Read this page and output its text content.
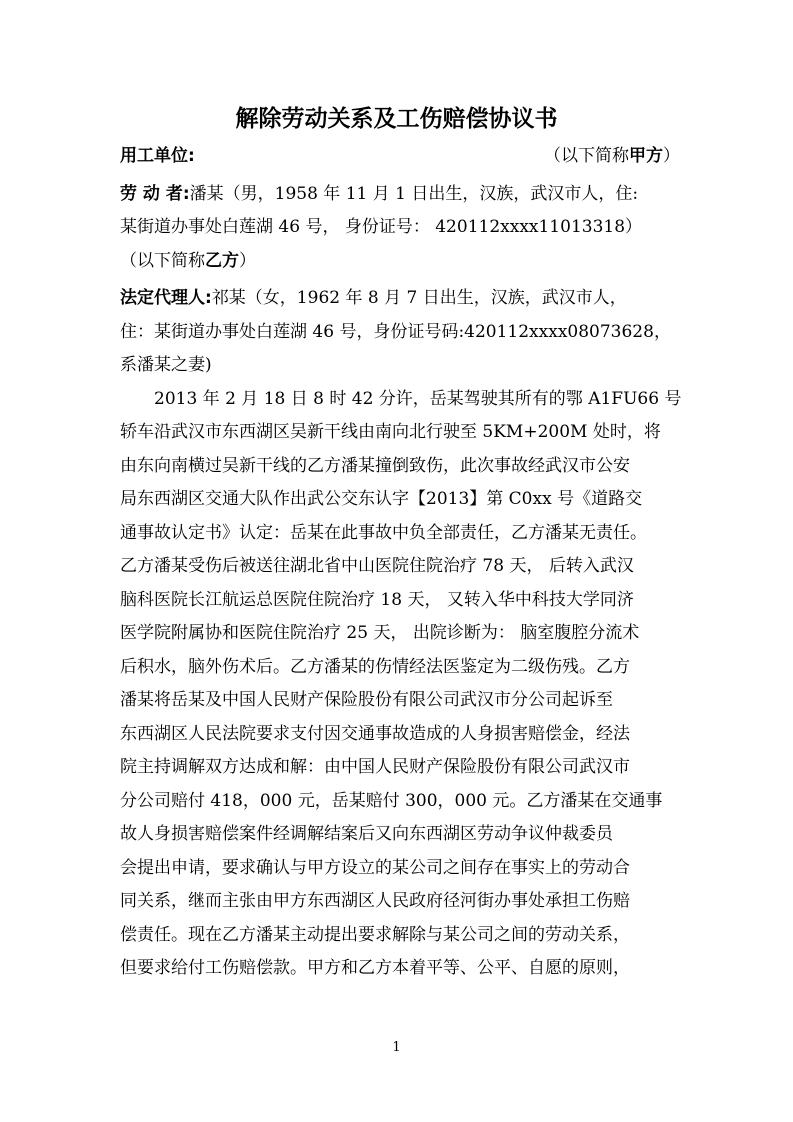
解除劳动关系及工伤赔偿协议书
用工单位:	（以下简称甲方）
劳 动 者:潘某（男，1958 年 11 月 1 日出生，汉族，武汉市人，住:
某街道办事处白莲湖 46 号， 身份证号： 420112xxxx11013318）
（以下简称乙方）
法定代理人:祁某（女，1962 年 8 月 7 日出生，汉族，武汉市人，
住：某街道办事处白莲湖 46 号，身份证号码:420112xxxx08073628，
系潘某之妻)
2013 年 2 月 18 日 8 时 42 分许，岳某驾驶其所有的鄂 A1FU66 号
轿车沿武汉市东西湖区吴新干线由南向北行驶至 5KM+200M 处时，将
由东向南横过吴新干线的乙方潘某撞倒致伤，此次事故经武汉市公安
局东西湖区交通大队作出武公交东认字【2013】第 C0xx 号《道路交
通事故认定书》认定：岳某在此事故中负全部责任，乙方潘某无责任。
乙方潘某受伤后被送往湖北省中山医院住院治疗 78 天， 后转入武汉
脑科医院长江航运总医院住院治疗 18 天， 又转入华中科技大学同济
医学院附属协和医院住院治疗 25 天， 出院诊断为： 脑室腹腔分流术
后积水，脑外伤术后。乙方潘某的伤情经法医鉴定为二级伤残。乙方
潘某将岳某及中国人民财产保险股份有限公司武汉市分公司起诉至
东西湖区人民法院要求支付因交通事故造成的人身损害赔偿金，经法
院主持调解双方达成和解：由中国人民财产保险股份有限公司武汉市
分公司赔付 418，000 元，岳某赔付 300，000 元。乙方潘某在交通事
故人身损害赔偿案件经调解结案后又向东西湖区劳动争议仲裁委员
会提出申请，要求确认与甲方设立的某公司之间存在事实上的劳动合
同关系，继而主张由甲方东西湖区人民政府径河街办事处承担工伤赔
偿责任。现在乙方潘某主动提出要求解除与某公司之间的劳动关系，
但要求给付工伤赔偿款。甲方和乙方本着平等、公平、自愿的原则，
1
